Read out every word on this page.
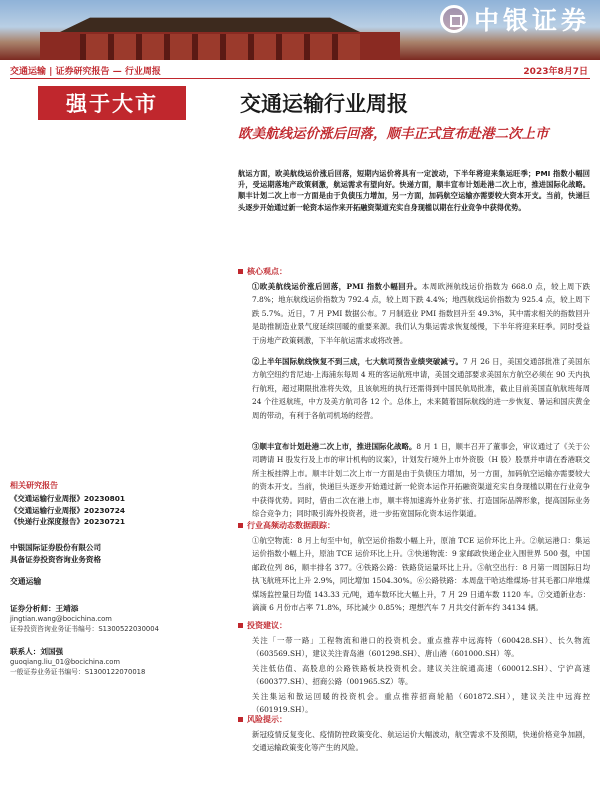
中银证券
交通运输 | 证券研究报告 — 行业周报	2023年8月7日
强于大市	交通运输行业周报
欧美航线运价涨后回落，顺丰正式宣布赴港二次上市
航运方面，欧美航线运价涨后回落，短期内运价将具有一定波动，下半年将迎来集运旺季；PMI 指数小幅回升，受运期落地产政策刺激，航运需求有望向好。快递方面，顺丰宣布计划赴港二次上市，推进国际化战略。顺丰计划二次上市一方面是由于负债压力增加，另一方面，加码航空运输亦需要较大资本开支。当前，快递巨头逐步开始通过新一轮资本运作来开拓融资渠道充实自身现槛以期在行业竞争中获得优势。
核心观点：
①欧美航线运价涨后回落，PMI 指数小幅回升。本周欧洲航线运价指数为 668.0 点，较上周下跌 7.8%；地东航线运价指数为 792.4 点，较上周下跌 4.4%；地西航线运价指数为 925.4 点，较上周下跌 5.7%。近日，7 月 PMI 数据公布。7 月制造业 PMI 指数回升至 49.3%，其中需求相关的指数回升是助推制造业景气度延续回暖的重要来源。我们认为集运需求恢复缓慢，下半年将迎来旺季。同时受益于房地产政策刺激，下半年航运需求或将改善。
②上半年国际航线恢复不到三成，七大航司预告业绩突破减亏。7 月 26 日，美国交通部批准了美国东方航空纽约肯尼迪-上海浦东每周 4 班的客运航班申请，美国交通部要求美国东方航空必须在 90 天内执行航班，超过期限批准将失效，且该航班的执行还需得到中国民航局批准，截止目前美国直航航班每周 24 个往返航班，中方及美方航司各 12 个。总体上，未来随着国际航线的进一步恢复、暑运和国庆黄金周的带动，有利于各航司机场的经营。
③顺丰宣布计划赴港二次上市，推进国际化战略。8 月 1 日，顺丰召开了董事会，审议通过了《关于公司聘请 H 股发行及上市的审计机构的议案》，计划发行境外上市外资股（H 股）股票并申请在香港联交所主板挂牌上市。顺丰计划二次上市一方面是由于负债压力增加，另一方面，加码航空运输亦需要较大的资本开支。当前，快递巨头逐步开始通过新一轮资本运作开拓融资渠道充实自身现槛以期在行业竞争中获得优势。同时，借由二次在港上市，顺丰将加速海外业务扩张、打造国际品牌形象，提高国际业务综合竞争力；同时吸引海外投资者，进一步拓宽国际化资本运作渠道。
行业高频动态数据跟踪：
①航空物流：8 月上旬至中旬，航空运价指数小幅上升，原油 TCE 运价环比上升。②航运港口：集运运价指数小幅上升，原油 TCE 运价环比上升。③快递物流：9 家邮政快递企业入围世界 500 强，中国邮政位列 86，顺丰排名 377。④铁路公路：铁路货运量环比上升。⑤航空出行：8 月第一周国际日均执飞航班环比上升 2.9%，同比增加 1504.30%。⑥公路铁路：本周盘干哈达维煤场-甘其毛都口岸堆煤煤场监控量日均值 143.33 元/吨，通车数环比大幅上升，7 月 29 日通车数 1120 车。⑦交通新业态：滴滴 6 月份市占率 71.8%，环比减少 0.85%；理想汽车 7 月共交付新车约 34134 辆。
投资建议：
关注「一带一路」工程物流和港口的投资机会。重点推荐中远海特（600428.SH）、长久物流（603569.SH），建议关注青岛港（601298.SH）、唐山港（601000.SH）等。
关注低估值、高股息的公路铁路板块投资机会。建议关注皖通高速（600012.SH）、宁沪高速（600377.SH）、招商公路（001965.SZ）等。
关注集运和散运回暖的投资机会。重点推荐招商轮船（601872.SH），建议关注中远海控（601919.SH）。
风险提示：
新冠疫情反复变化、疫情防控政策变化、航运运价大幅波动，航空需求不及预期，快递价格竞争加剧，交通运输政策变化等产生的风险。
相关研究报告
《交通运输行业周报》20230801
《交通运输行业周报》20230724
《快递行业深度报告》20230721
中银国际证券股份有限公司
具备证券投资咨询业务资格
交通运输
证券分析师：王靖添
jingtian.wang@bocichina.com
证券投资咨询业务证书编号：S1300522030004
联系人：刘国强
guoqiang.liu_01@bocichina.com
一般证券业务证书编号：S1300122070018
